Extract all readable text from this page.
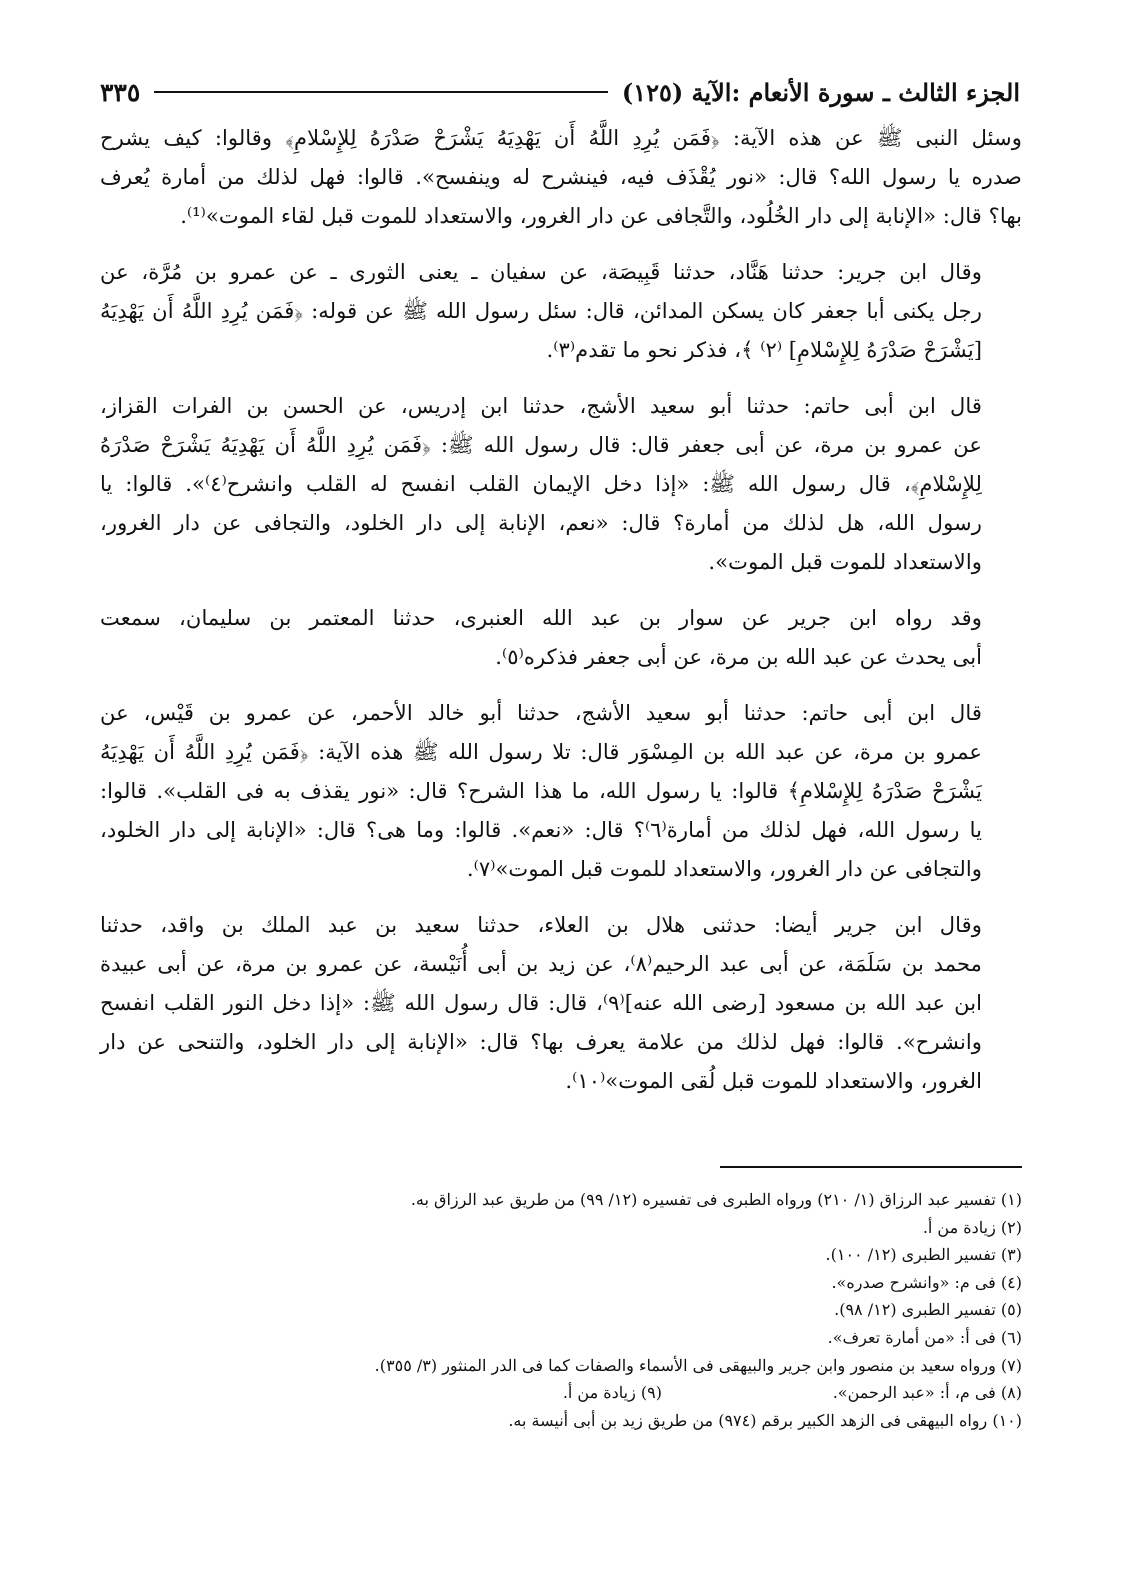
الجزء الثالث ـ سورة الأنعام :الآية (١٢٥)
٣٣٥

وسئل النبى ﷺ عن هذه الآية: ﴿فَمَن يُرِدِ اللَّهُ أَن يَهْدِيَهُ يَشْرَحْ صَدْرَهُ لِلإِسْلامِ﴾ وقالوا: كيف يشرح
صدره يا رسول الله؟ قال: «نور يُقْذَف فيه، فينشرح له وينفسح». قالوا: فهل لذلك من أمارة يُعرف
بها؟ قال: «الإنابة إلى دار الخُلُود، والتَّجافى عن دار الغرور، والاستعداد للموت قبل لقاء الموت»⁽¹⁾.

وقال ابن جرير: حدثنا هَنَّاد، حدثنا قَبِيصَة، عن سفيان ـ يعنى الثورى ـ عن عمرو بن مُرَّة، عن
رجل يكنى أبا جعفر كان يسكن المدائن، قال: سئل رسول الله ﷺ عن قوله: ﴿فَمَن يُرِدِ اللَّهُ أَن يَهْدِيَهُ
[يَشْرَحْ صَدْرَهُ لِلإِسْلامِ] ⁽٢⁾ ﴾، فذكر نحو ما تقدم⁽٣⁾.

قال ابن أبى حاتم: حدثنا أبو سعيد الأشج، حدثنا ابن إدريس، عن الحسن بن الفرات القزاز،
عن عمرو بن مرة، عن أبى جعفر قال: قال رسول الله ﷺ: ﴿فَمَن يُرِدِ اللَّهُ أَن يَهْدِيَهُ يَشْرَحْ صَدْرَهُ
لِلإِسْلامِ﴾، قال رسول الله ﷺ: «إذا دخل الإيمان القلب انفسح له القلب وانشرح⁽٤⁾». قالوا: يا
رسول الله، هل لذلك من أمارة؟ قال: «نعم، الإنابة إلى دار الخلود، والتجافى عن دار الغرور،
والاستعداد للموت قبل الموت».

وقد رواه ابن جرير عن سوار بن عبد الله العنبرى، حدثنا المعتمر بن سليمان، سمعت
أبى يحدث عن عبد الله بن مرة، عن أبى جعفر فذكره⁽٥⁾.

قال ابن أبى حاتم: حدثنا أبو سعيد الأشج، حدثنا أبو خالد الأحمر، عن عمرو بن قَيْس، عن
عمرو بن مرة، عن عبد الله بن المِسْوَر قال: تلا رسول الله ﷺ هذه الآية: ﴿فَمَن يُرِدِ اللَّهُ أَن يَهْدِيَهُ
يَشْرَحْ صَدْرَهُ لِلإِسْلامِ﴾ قالوا: يا رسول الله، ما هذا الشرح؟ قال: «نور يقذف به فى القلب». قالوا:
يا رسول الله، فهل لذلك من أمارة⁽٦⁾؟ قال: «نعم». قالوا: وما هى؟ قال: «الإنابة إلى دار الخلود،
والتجافى عن دار الغرور، والاستعداد للموت قبل الموت»⁽٧⁾.

وقال ابن جرير أيضا: حدثنى هلال بن العلاء، حدثنا سعيد بن عبد الملك بن واقد، حدثنا
محمد بن سَلَمَة، عن أبى عبد الرحيم⁽٨⁾، عن زيد بن أبى أُنَيْسة، عن عمرو بن مرة، عن أبى عبيدة
ابن عبد الله بن مسعود [رضى الله عنه]⁽٩⁾، قال: قال رسول الله ﷺ: «إذا دخل النور القلب انفسح
وانشرح». قالوا: فهل لذلك من علامة يعرف بها؟ قال: «الإنابة إلى دار الخلود، والتنحى عن دار
الغرور، والاستعداد للموت قبل لُقى الموت»⁽١٠⁾.

(١) تفسير عبد الرزاق (١/ ٢١٠) ورواه الطبرى فى تفسيره (١٢/ ٩٩) من طريق عبد الرزاق به.
(٢) زيادة من أ.
(٣) تفسير الطبرى (١٢/ ١٠٠).
(٤) فى م: «وانشرح صدره».
(٥) تفسير الطبرى (١٢/ ٩٨).
(٦) فى أ: «من أمارة تعرف».
(٧) ورواه سعيد بن منصور وابن جرير والبيهقى فى الأسماء والصفات كما فى الدر المنثور (٣/ ٣٥٥).
(٨) فى م، أ: «عبد الرحمن».
(٩) زيادة من أ.
(١٠) رواه البيهقى فى الزهد الكبير برقم (٩٧٤) من طريق زيد بن أبى أنيسة به.
